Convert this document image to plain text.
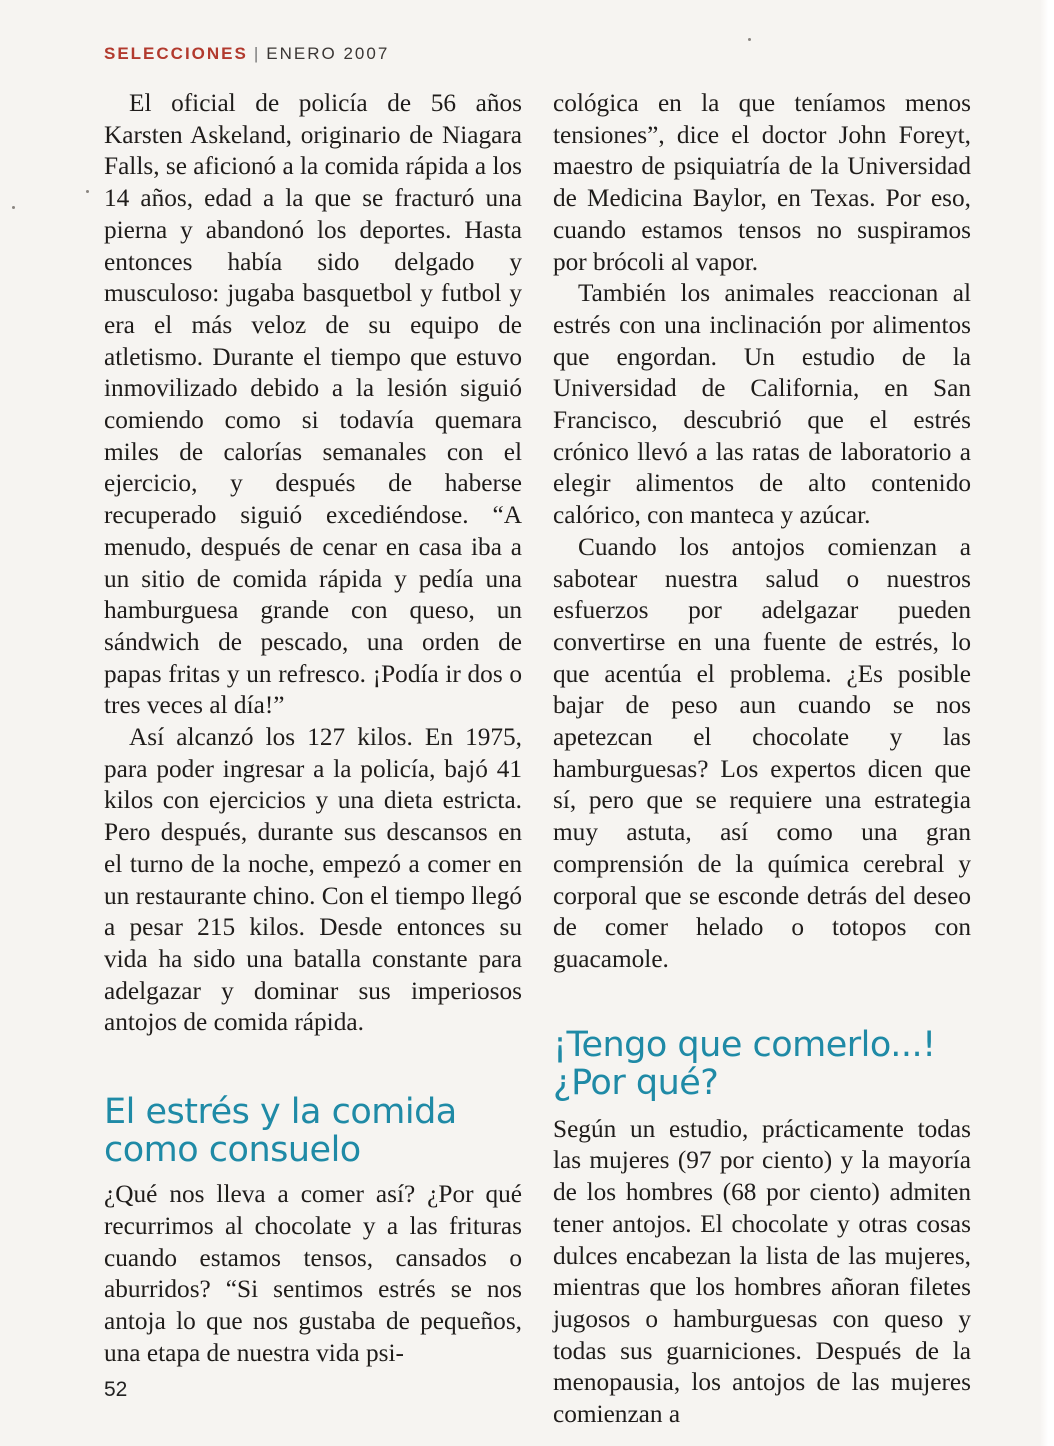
SELECCIONES | ENERO 2007

El oficial de policía de 56 años Karsten Askeland, originario de Niagara Falls, se aficionó a la comida rápida a los 14 años, edad a la que se fracturó una pierna y abandonó los deportes. Hasta entonces había sido delgado y musculoso: jugaba basquetbol y futbol y era el más veloz de su equipo de atletismo. Durante el tiempo que estuvo inmovilizado debido a la lesión siguió comiendo como si todavía quemara miles de calorías semanales con el ejercicio, y después de haberse recuperado siguió excediéndose. “A menudo, después de cenar en casa iba a un sitio de comida rápida y pedía una hamburguesa grande con queso, un sándwich de pescado, una orden de papas fritas y un refresco. ¡Podía ir dos o tres veces al día!”

Así alcanzó los 127 kilos. En 1975, para poder ingresar a la policía, bajó 41 kilos con ejercicios y una dieta estricta. Pero después, durante sus descansos en el turno de la noche, empezó a comer en un restaurante chino. Con el tiempo llegó a pesar 215 kilos. Desde entonces su vida ha sido una batalla constante para adelgazar y dominar sus imperiosos antojos de comida rápida.

El estrés y la comida
como consuelo

¿Qué nos lleva a comer así? ¿Por qué recurrimos al chocolate y a las frituras cuando estamos tensos, cansados o aburridos? “Si sentimos estrés se nos antoja lo que nos gustaba de pequeños, una etapa de nuestra vida psi-

cológica en la que teníamos menos tensiones”, dice el doctor John Foreyt, maestro de psiquiatría de la Universidad de Medicina Baylor, en Texas. Por eso, cuando estamos tensos no suspiramos por brócoli al vapor.

También los animales reaccionan al estrés con una inclinación por alimentos que engordan. Un estudio de la Universidad de California, en San Francisco, descubrió que el estrés crónico llevó a las ratas de laboratorio a elegir alimentos de alto contenido calórico, con manteca y azúcar.

Cuando los antojos comienzan a sabotear nuestra salud o nuestros esfuerzos por adelgazar pueden convertirse en una fuente de estrés, lo que acentúa el problema. ¿Es posible bajar de peso aun cuando se nos apetezcan el chocolate y las hamburguesas? Los expertos dicen que sí, pero que se requiere una estrategia muy astuta, así como una gran comprensión de la química cerebral y corporal que se esconde detrás del deseo de comer helado o totopos con guacamole.

¡Tengo que comerlo...!
¿Por qué?

Según un estudio, prácticamente todas las mujeres (97 por ciento) y la mayoría de los hombres (68 por ciento) admiten tener antojos. El chocolate y otras cosas dulces encabezan la lista de las mujeres, mientras que los hombres añoran filetes jugosos o hamburguesas con queso y todas sus guarniciones. Después de la menopausia, los antojos de las mujeres comienzan a

52
